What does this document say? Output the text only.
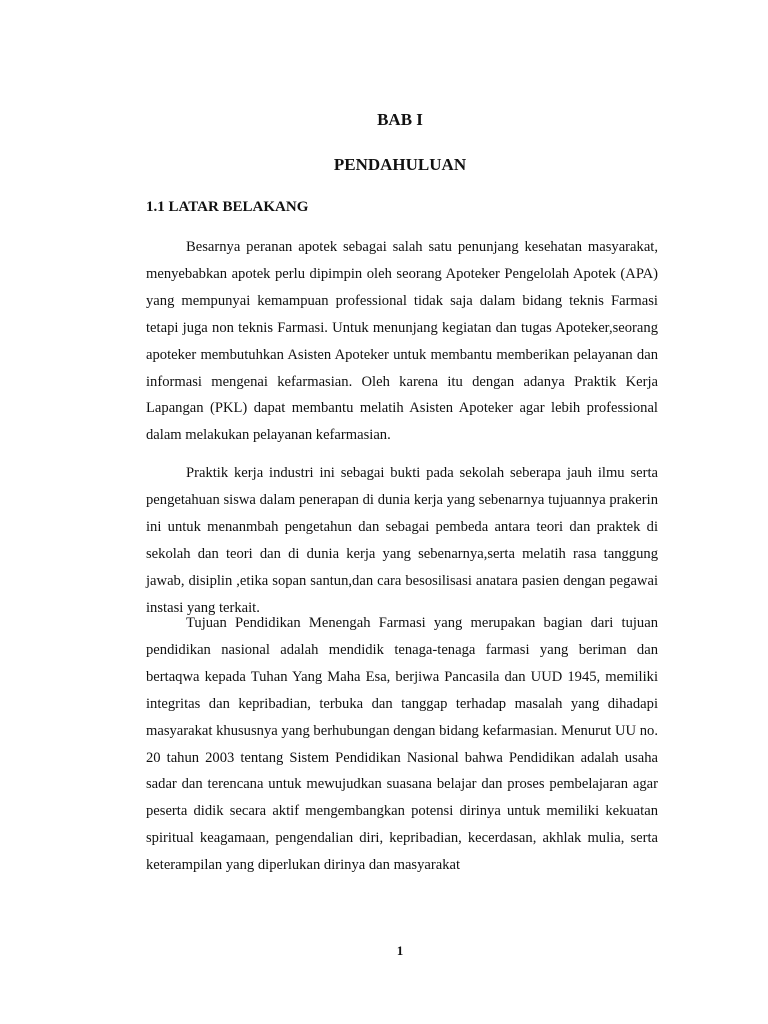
BAB I
PENDAHULUAN
1.1 LATAR BELAKANG

Besarnya peranan apotek sebagai salah satu penunjang kesehatan masyarakat, menyebabkan apotek perlu dipimpin oleh seorang Apoteker Pengelolah Apotek (APA) yang mempunyai kemampuan professional tidak saja dalam bidang teknis Farmasi tetapi juga non teknis Farmasi. Untuk menunjang kegiatan dan tugas Apoteker,seorang apoteker membutuhkan Asisten Apoteker untuk membantu memberikan pelayanan dan informasi mengenai kefarmasian. Oleh karena itu dengan adanya Praktik Kerja Lapangan (PKL) dapat membantu melatih Asisten Apoteker agar lebih professional dalam melakukan pelayanan kefarmasian.

Praktik kerja industri ini sebagai bukti pada sekolah seberapa jauh ilmu serta pengetahuan siswa dalam penerapan di dunia kerja yang sebenarnya tujuannya prakerin ini untuk menanmbah pengetahun dan sebagai pembeda antara teori dan praktek di sekolah dan teori dan di dunia kerja yang sebenarnya,serta melatih rasa tanggung jawab, disiplin ,etika sopan santun,dan cara besosilisasi anatara pasien dengan pegawai instasi yang terkait.

Tujuan Pendidikan Menengah Farmasi yang merupakan bagian dari tujuan pendidikan nasional adalah mendidik tenaga-tenaga farmasi yang beriman dan bertaqwa kepada Tuhan Yang Maha Esa, berjiwa Pancasila dan UUD 1945, memiliki integritas dan kepribadian, terbuka dan tanggap terhadap masalah yang dihadapi masyarakat khususnya yang berhubungan dengan bidang kefarmasian. Menurut UU no. 20 tahun 2003 tentang Sistem Pendidikan Nasional bahwa Pendidikan adalah usaha sadar dan terencana untuk mewujudkan suasana belajar dan proses pembelajaran agar peserta didik secara aktif mengembangkan potensi dirinya untuk memiliki kekuatan spiritual keagamaan, pengendalian diri, kepribadian, kecerdasan, akhlak mulia, serta keterampilan yang diperlukan dirinya dan masyarakat

1
